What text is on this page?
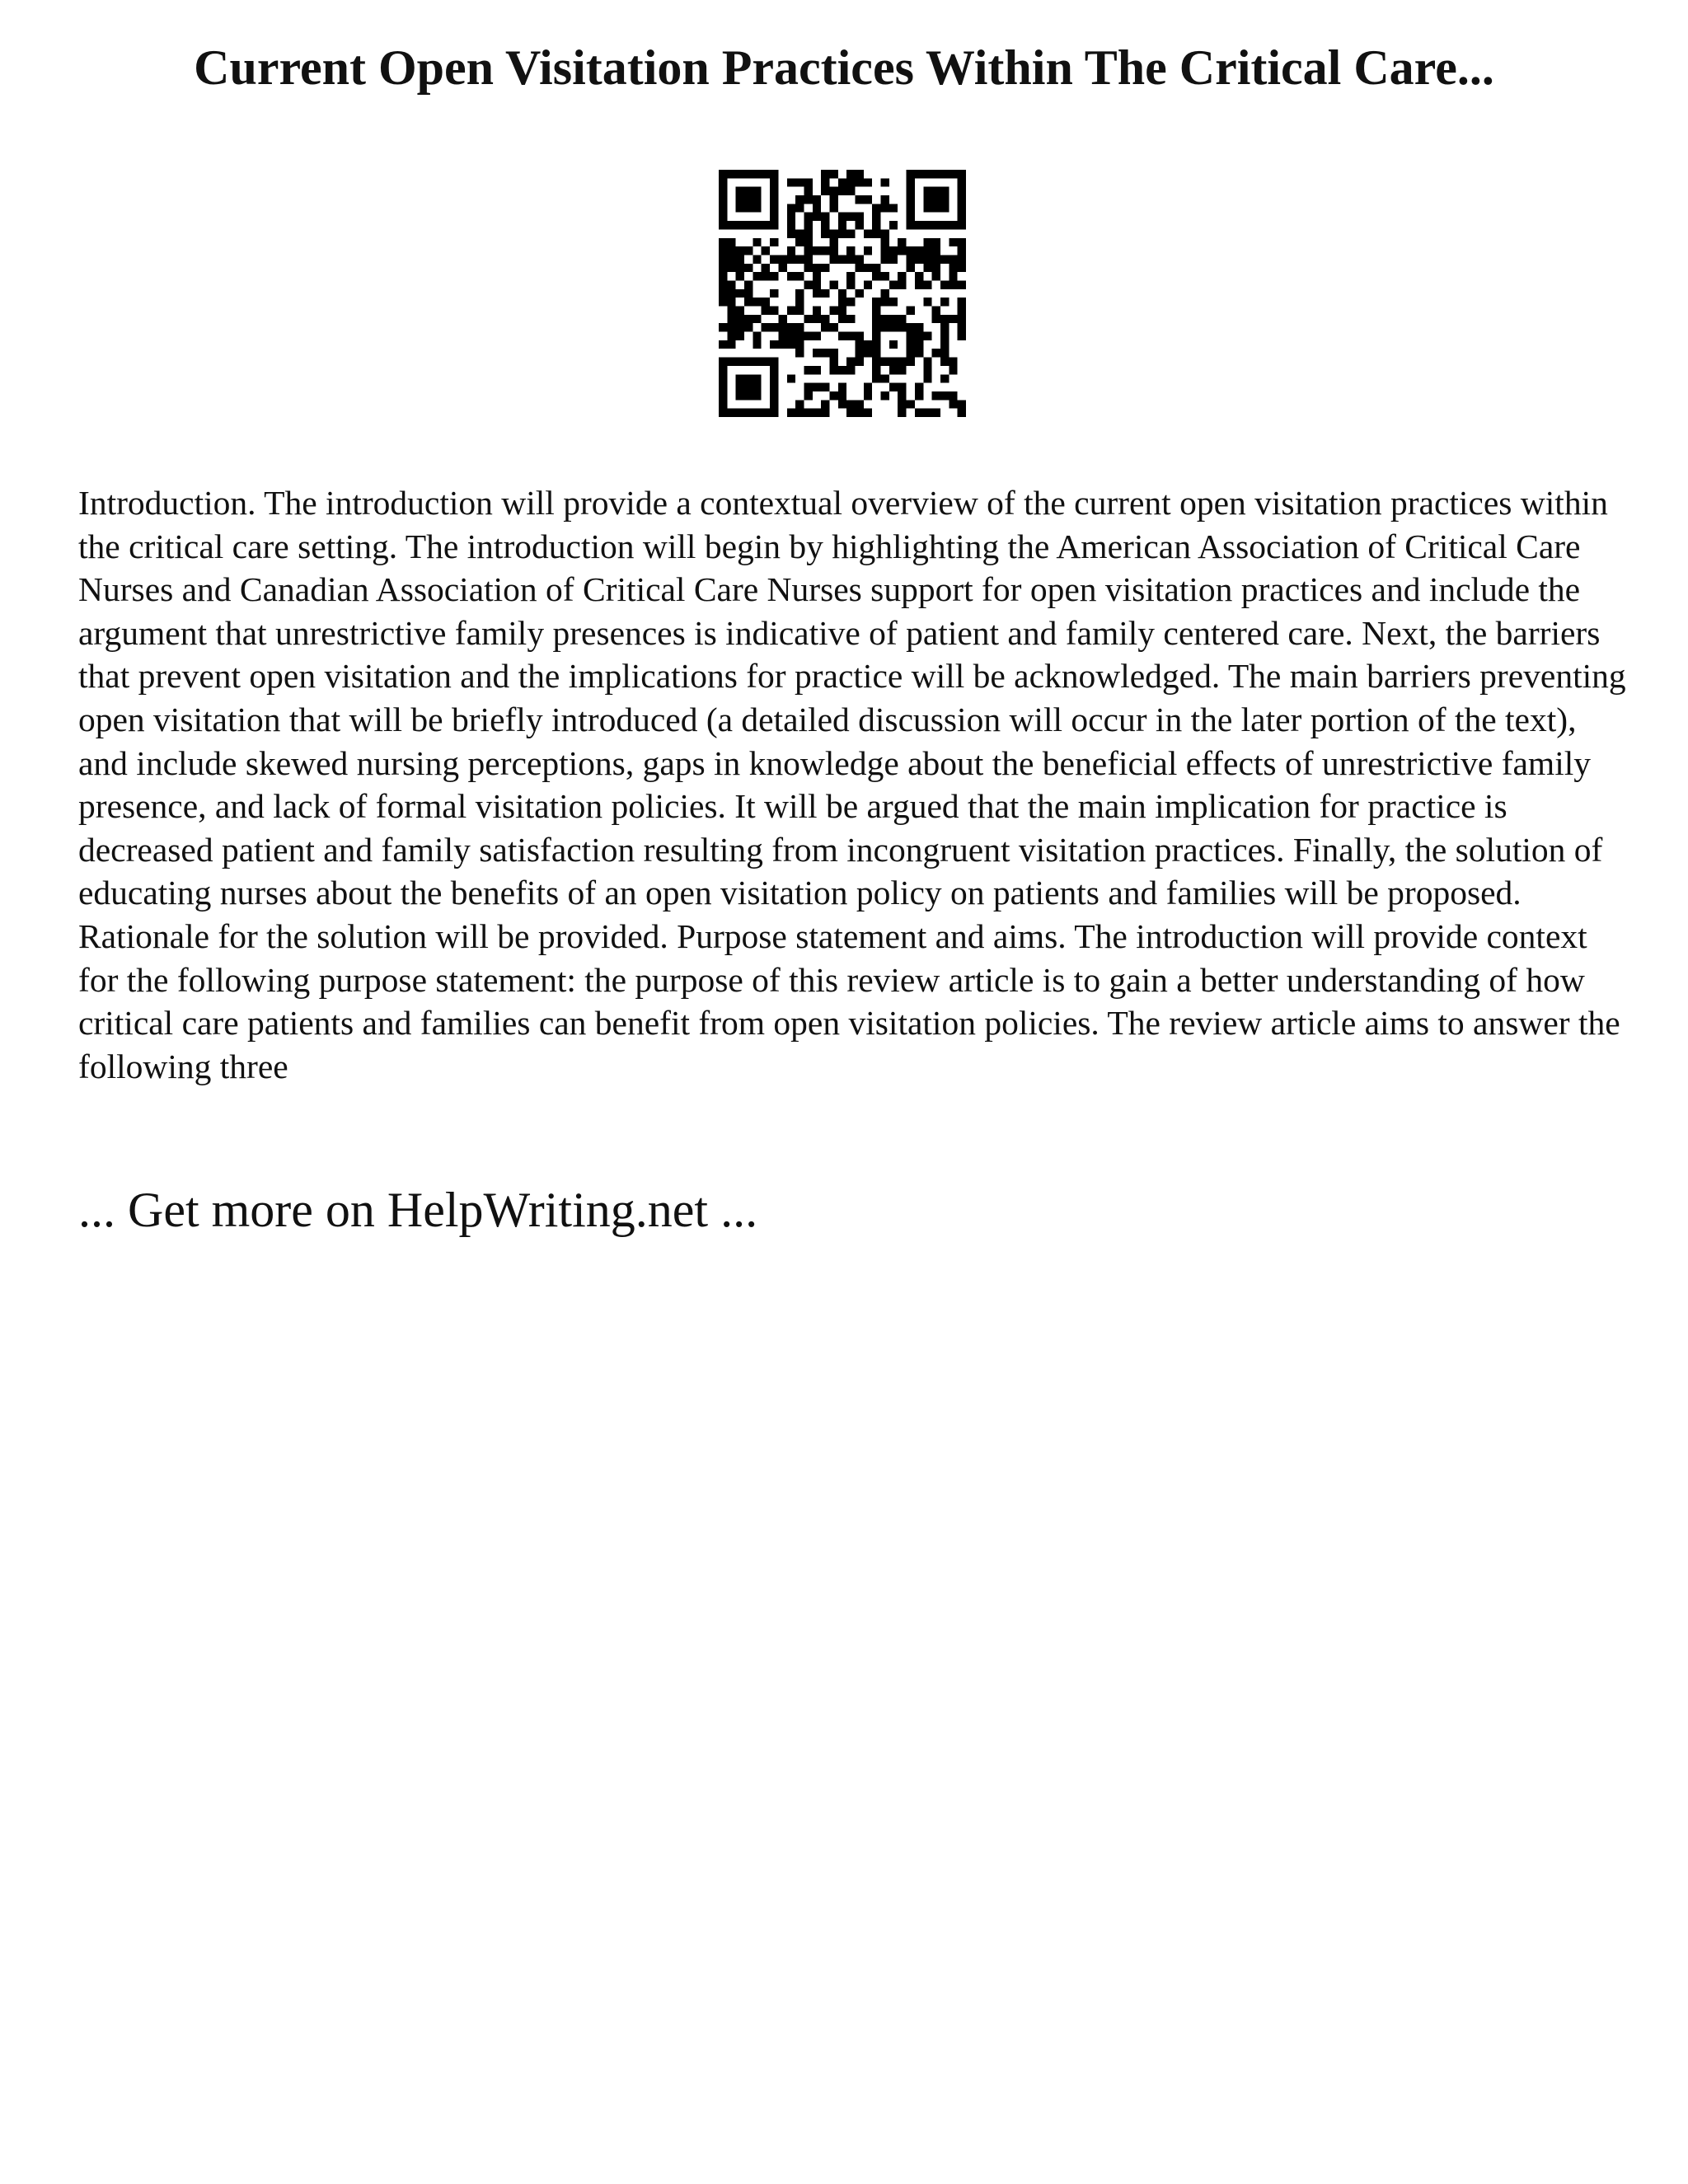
Current Open Visitation Practices Within The Critical Care...

Introduction. The introduction will provide a contextual overview of the current open visitation practices within the critical care setting. The introduction will begin by highlighting the American Association of Critical Care Nurses and Canadian Association of Critical Care Nurses support for open visitation practices and include the argument that unrestrictive family presences is indicative of patient and family centered care. Next, the barriers that prevent open visitation and the implications for practice will be acknowledged. The main barriers preventing open visitation that will be briefly introduced (a detailed discussion will occur in the later portion of the text), and include skewed nursing perceptions, gaps in knowledge about the beneficial effects of unrestrictive family presence, and lack of formal visitation policies. It will be argued that the main implication for practice is decreased patient and family satisfaction resulting from incongruent visitation practices. Finally, the solution of educating nurses about the benefits of an open visitation policy on patients and families will be proposed. Rationale for the solution will be provided. Purpose statement and aims. The introduction will provide context for the following purpose statement: the purpose of this review article is to gain a better understanding of how critical care patients and families can benefit from open visitation policies. The review article aims to answer the following three

... Get more on HelpWriting.net ...
